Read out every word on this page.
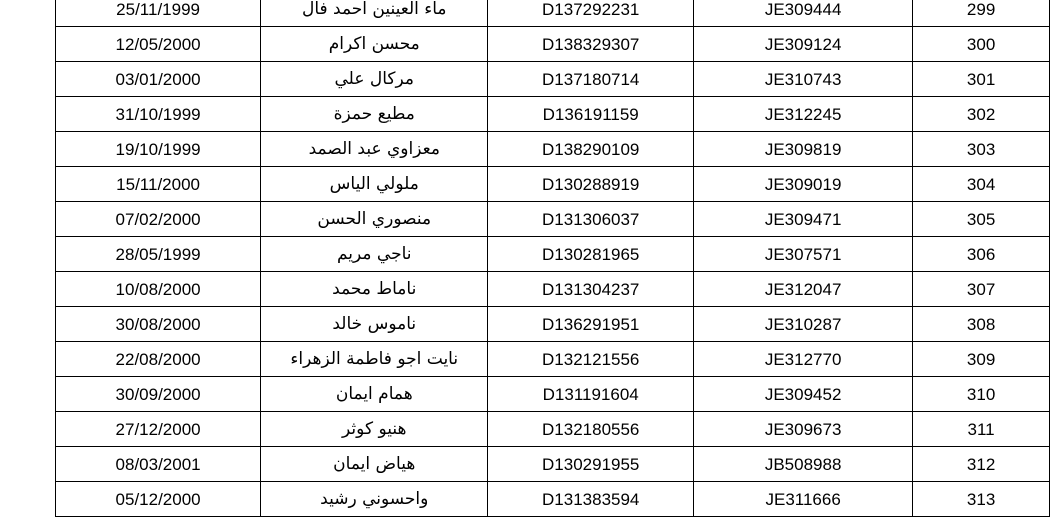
25/11/1999	ماء العينين احمد فال	D137292231	JE309444	299
12/05/2000	محسن اكرام	D138329307	JE309124	300
03/01/2000	مركال علي	D137180714	JE310743	301
31/10/1999	مطيع حمزة	D136191159	JE312245	302
19/10/1999	معزاوي عبد الصمد	D138290109	JE309819	303
15/11/2000	ملولي الياس	D130288919	JE309019	304
07/02/2000	منصوري الحسن	D131306037	JE309471	305
28/05/1999	ناجي مريم	D130281965	JE307571	306
10/08/2000	ناماط محمد	D131304237	JE312047	307
30/08/2000	ناموس خالد	D136291951	JE310287	308
22/08/2000	نايت اجو فاطمة الزهراء	D132121556	JE312770	309
30/09/2000	همام ايمان	D131191604	JE309452	310
27/12/2000	هنيو كوثر	D132180556	JE309673	311
08/03/2001	هياض ايمان	D130291955	JB508988	312
05/12/2000	واحسوني رشيد	D131383594	JE311666	313
